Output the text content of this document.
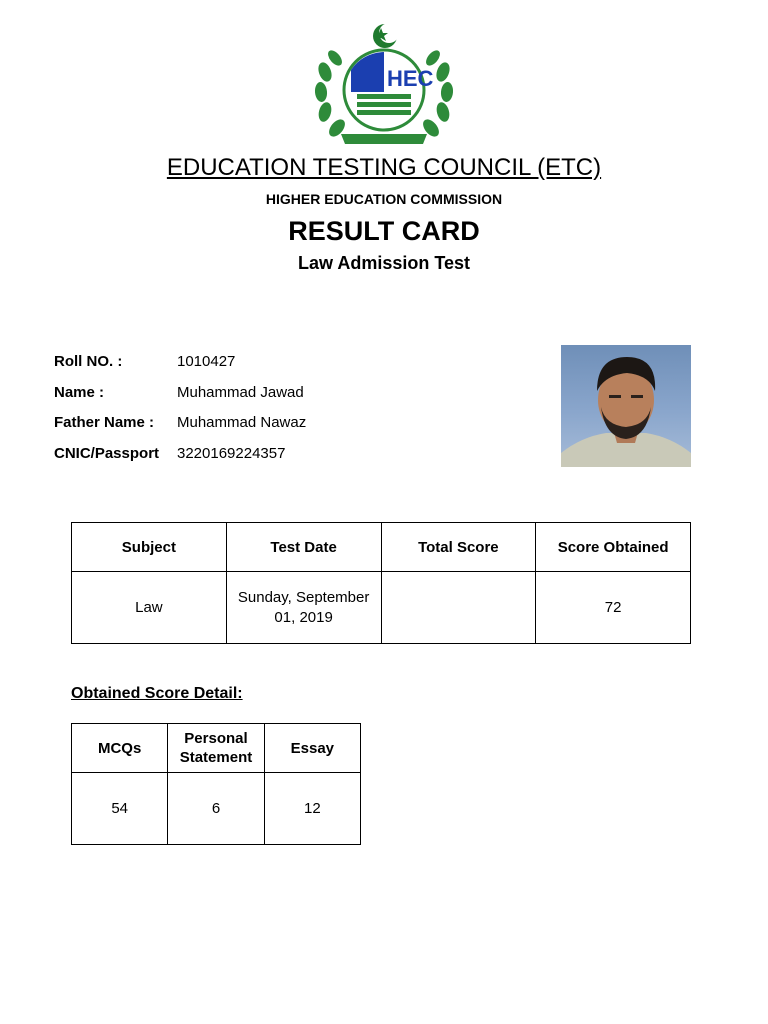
HEC
EDUCATION TESTING COUNCIL (ETC)
HIGHER EDUCATION COMMISSION
RESULT CARD
Law Admission Test
Roll NO. :	1010427
Name :	Muhammad Jawad
Father Name : Muhammad Nawaz
CNIC/Passport 3220169224357
Subject	Test Date	Total Score	Score Obtained
Law	Sunday, September 01, 2019		72
Obtained Score Detail:
MCQs	Personal Statement	Essay
54	6	12
